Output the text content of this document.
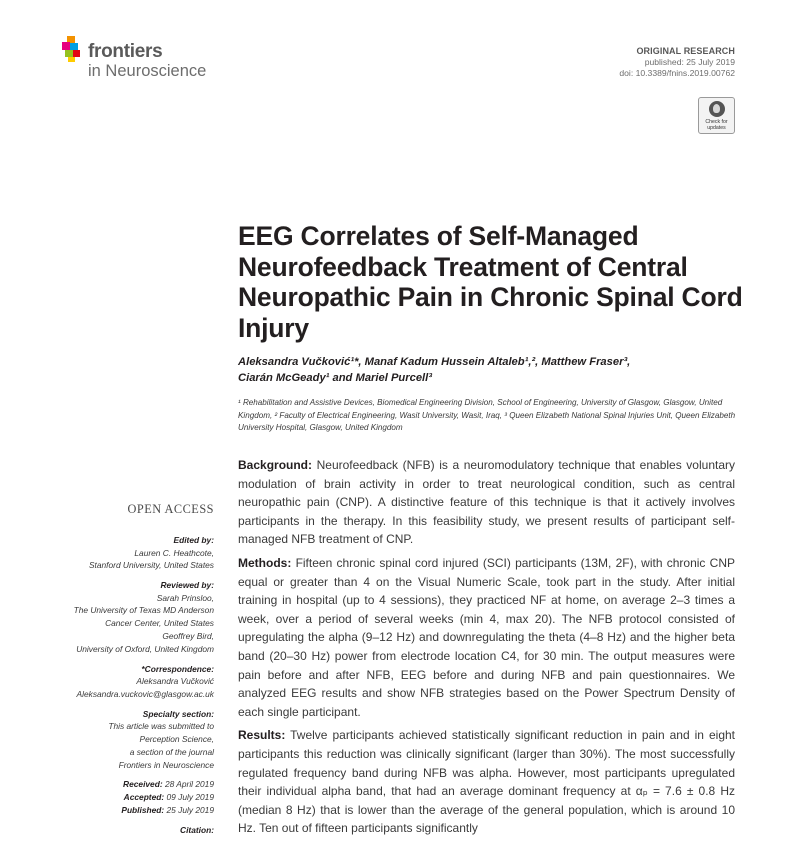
frontiers
in Neuroscience
ORIGINAL RESEARCH
published: 25 July 2019
doi: 10.3389/fnins.2019.00762
Check for
updates
EEG Correlates of Self-Managed Neurofeedback Treatment of Central Neuropathic Pain in Chronic Spinal Cord Injury

Aleksandra Vučković¹*, Manaf Kadum Hussein Altaleb¹,², Matthew Fraser³,
Ciarán McGeady¹ and Mariel Purcell³

¹ Rehabilitation and Assistive Devices, Biomedical Engineering Division, School of Engineering, University of Glasgow, Glasgow, United Kingdom, ² Faculty of Electrical Engineering, Wasit University, Wasit, Iraq, ³ Queen Elizabeth National Spinal Injuries Unit, Queen Elizabeth University Hospital, Glasgow, United Kingdom

OPEN ACCESS
Edited by:
Lauren C. Heathcote,
Stanford University, United States
Reviewed by:
Sarah Prinsloo,
The University of Texas MD Anderson
Cancer Center, United States
Geoffrey Bird,
University of Oxford, United Kingdom
*Correspondence:
Aleksandra Vučković
Aleksandra.vuckovic@glasgow.ac.uk
Specialty section:
This article was submitted to
Perception Science,
a section of the journal
Frontiers in Neuroscience
Received: 28 April 2019
Accepted: 09 July 2019
Published: 25 July 2019
Citation:

Background: Neurofeedback (NFB) is a neuromodulatory technique that enables voluntary modulation of brain activity in order to treat neurological condition, such as central neuropathic pain (CNP). A distinctive feature of this technique is that it actively involves participants in the therapy. In this feasibility study, we present results of participant self-managed NFB treatment of CNP.

Methods: Fifteen chronic spinal cord injured (SCI) participants (13M, 2F), with chronic CNP equal or greater than 4 on the Visual Numeric Scale, took part in the study. After initial training in hospital (up to 4 sessions), they practiced NF at home, on average 2–3 times a week, over a period of several weeks (min 4, max 20). The NFB protocol consisted of upregulating the alpha (9–12 Hz) and downregulating the theta (4–8 Hz) and the higher beta band (20–30 Hz) power from electrode location C4, for 30 min. The output measures were pain before and after NFB, EEG before and during NFB and pain questionnaires. We analyzed EEG results and show NFB strategies based on the Power Spectrum Density of each single participant.

Results: Twelve participants achieved statistically significant reduction in pain and in eight participants this reduction was clinically significant (larger than 30%). The most successfully regulated frequency band during NFB was alpha. However, most participants upregulated their individual alpha band, that had an average dominant frequency at αₚ = 7.6 ± 0.8 Hz (median 8 Hz) that is lower than the average of the general population, which is around 10 Hz. Ten out of fifteen participants significantly
